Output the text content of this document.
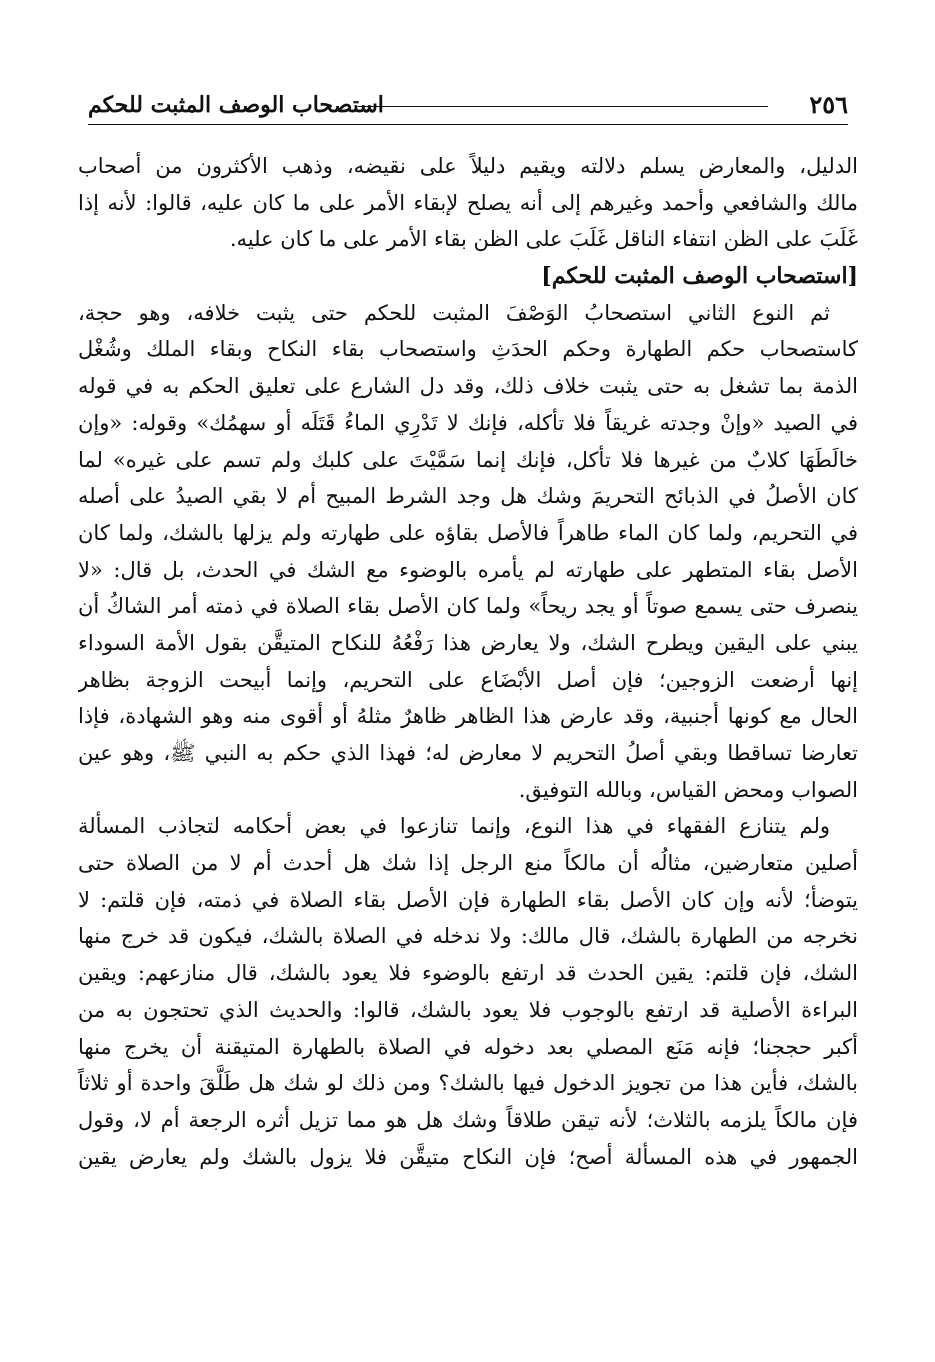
٢٥٦
استصحاب الوصف المثبت للحكم
الدليل، والمعارض يسلم دلالته ويقيم دليلاً على نقيضه، وذهب الأكثرون من أصحاب
مالك والشافعي وأحمد وغيرهم إلى أنه يصلح لإبقاء الأمر على ما كان عليه، قالوا: لأنه إذا
غَلَبَ على الظن انتفاء الناقل غَلَبَ على الظن بقاء الأمر على ما كان عليه.
[استصحاب الوصف المثبت للحكم]
ثم النوع الثاني استصحابُ الوَصْفَ المثبت للحكم حتى يثبت خلافه، وهو حجة،
كاستصحاب حكم الطهارة وحكم الحدَثِ واستصحاب بقاء النكاح وبقاء الملك وشُغْل
الذمة بما تشغل به حتى يثبت خلاف ذلك، وقد دل الشارع على تعليق الحكم به في قوله
في الصيد «وإنْ وجدته غريقاً فلا تأكله، فإنك لا تَدْرِي الماءُ قَتَلَه أو سهمُك» وقوله: «وإن
خالَطَهَا كلابٌ من غيرها فلا تأكل، فإنك إنما سَمَّيْتَ على كلبك ولم تسم على غيره» لما
كان الأصلُ في الذبائح التحريمَ وشك هل وجد الشرط المبيح أم لا بقي الصيدُ على أصله
في التحريم، ولما كان الماء طاهراً فالأصل بقاؤه على طهارته ولم يزلها بالشك، ولما كان
الأصل بقاء المتطهر على طهارته لم يأمره بالوضوء مع الشك في الحدث، بل قال: «لا
ينصرف حتى يسمع صوتاً أو يجد ريحاً» ولما كان الأصل بقاء الصلاة في ذمته أمر الشاكُ أن
يبني على اليقين ويطرح الشك، ولا يعارض هذا رَفْعُهُ للنكاح المتيقَّن بقول الأمة السوداء
إنها أرضعت الزوجين؛ فإن أصل الأبْضَاع على التحريم، وإنما أبيحت الزوجة بظاهر
الحال مع كونها أجنبية، وقد عارض هذا الظاهر ظاهرٌ مثلهُ أو أقوى منه وهو الشهادة، فإذا
تعارضا تساقطا وبقي أصلُ التحريم لا معارض له؛ فهذا الذي حكم به النبي ﷺ، وهو عين
الصواب ومحض القياس، وبالله التوفيق.
ولم يتنازع الفقهاء في هذا النوع، وإنما تنازعوا في بعض أحكامه لتجاذب المسألة
أصلين متعارضين، مثالُه أن مالكاً منع الرجل إذا شك هل أحدث أم لا من الصلاة حتى
يتوضأ؛ لأنه وإن كان الأصل بقاء الطهارة فإن الأصل بقاء الصلاة في ذمته، فإن قلتم: لا
نخرجه من الطهارة بالشك، قال مالك: ولا ندخله في الصلاة بالشك، فيكون قد خرج منها
الشك، فإن قلتم: يقين الحدث قد ارتفع بالوضوء فلا يعود بالشك، قال منازعهم: ويقين
البراءة الأصلية قد ارتفع بالوجوب فلا يعود بالشك، قالوا: والحديث الذي تحتجون به من
أكبر حججنا؛ فإنه مَنَع المصلي بعد دخوله في الصلاة بالطهارة المتيقنة أن يخرج منها
بالشك، فأين هذا من تجويز الدخول فيها بالشك؟ ومن ذلك لو شك هل طَلَّقَ واحدة أو ثلاثاً
فإن مالكاً يلزمه بالثلاث؛ لأنه تيقن طلاقاً وشك هل هو مما تزيل أثره الرجعة أم لا، وقول
الجمهور في هذه المسألة أصح؛ فإن النكاح متيقَّن فلا يزول بالشك ولم يعارض يقين
